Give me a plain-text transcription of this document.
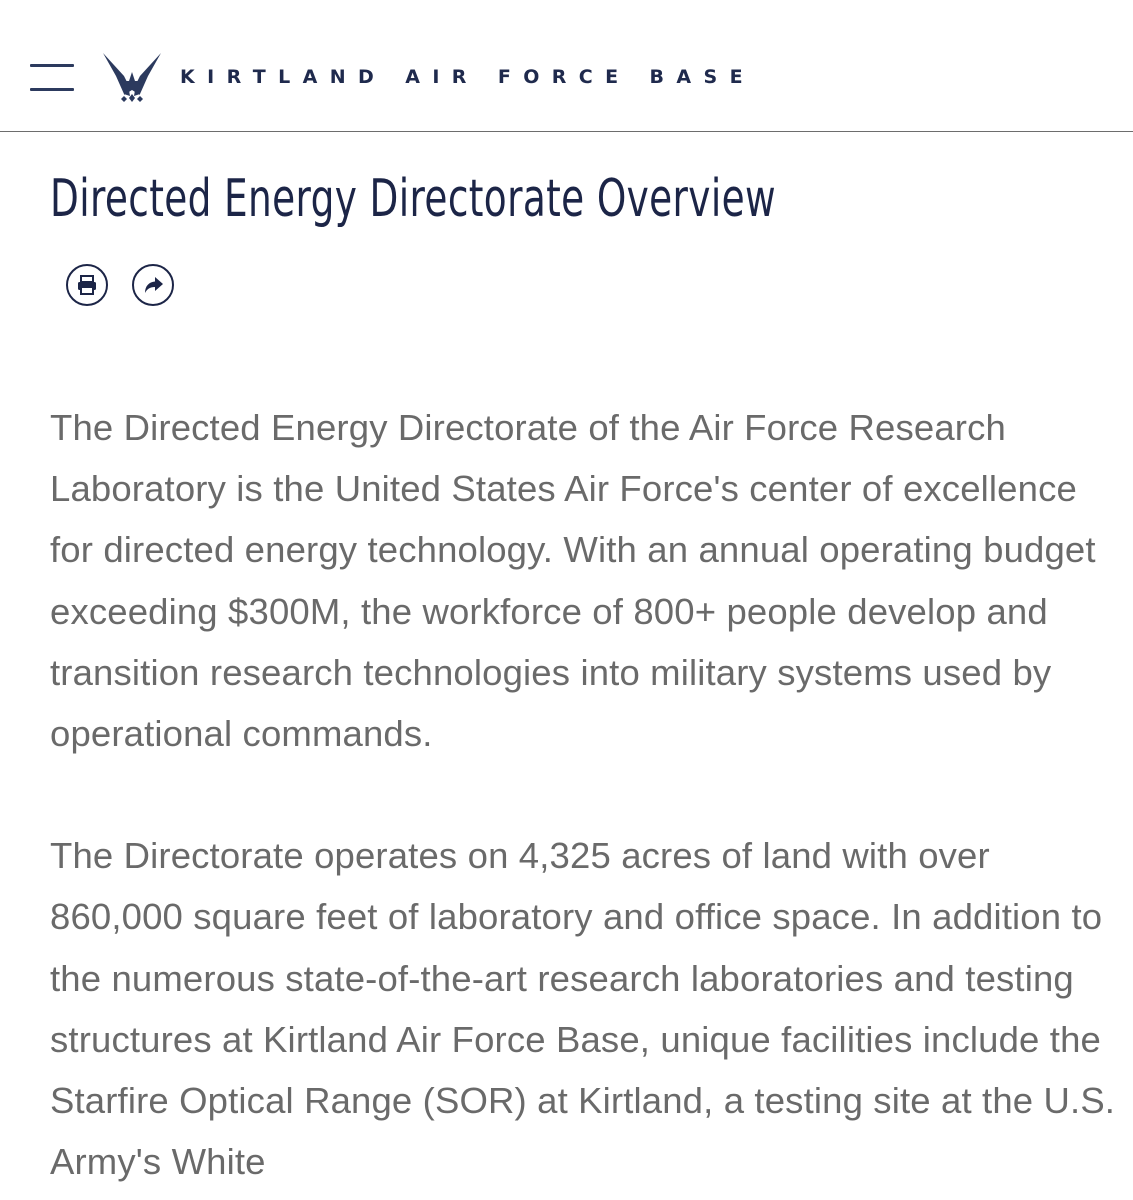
KIRTLAND AIR FORCE BASE
Directed Energy Directorate Overview

The Directed Energy Directorate of the Air Force Research Laboratory is the United States Air Force's center of excellence for directed energy technology. With an annual operating budget exceeding $300M, the workforce of 800+ people develop and transition research technologies into military systems used by operational commands.

The Directorate operates on 4,325 acres of land with over 860,000 square feet of laboratory and office space. In addition to the numerous state-of-the-art research laboratories and testing structures at Kirtland Air Force Base, unique facilities include the Starfire Optical Range (SOR) at Kirtland, a testing site at the U.S. Army's White
